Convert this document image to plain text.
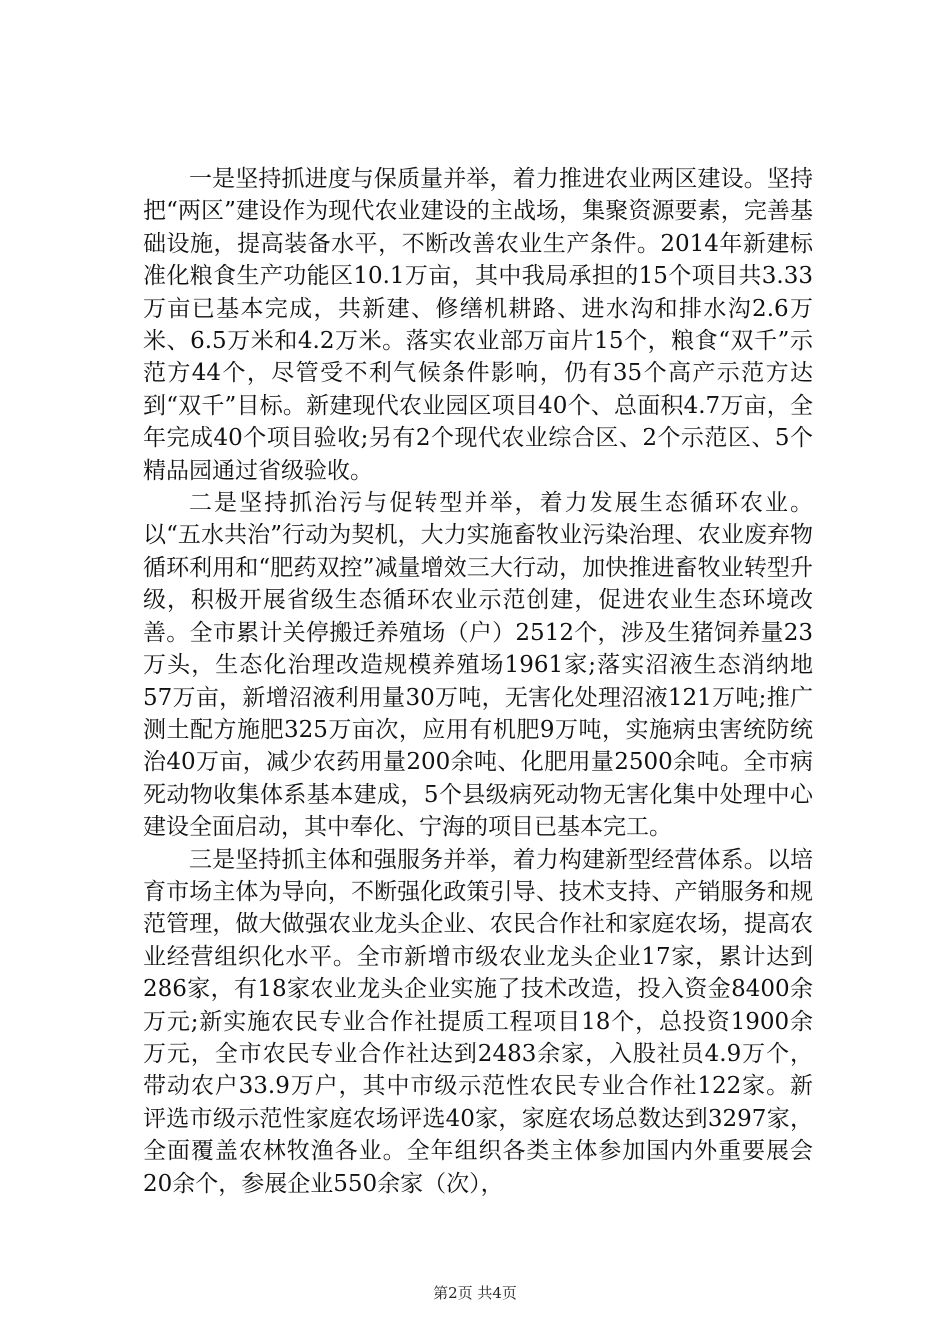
一是坚持抓进度与保质量并举，着力推进农业两区建设。坚持把“两区”建设作为现代农业建设的主战场，集聚资源要素，完善基础设施，提高装备水平，不断改善农业生产条件。2014年新建标准化粮食生产功能区10.1万亩，其中我局承担的15个项目共3.33万亩已基本完成，共新建、修缮机耕路、进水沟和排水沟2.6万米、6.5万米和4.2万米。落实农业部万亩片15个，粮食“双千”示范方44个，尽管受不利气候条件影响，仍有35个高产示范方达到“双千”目标。新建现代农业园区项目40个、总面积4.7万亩，全年完成40个项目验收;另有2个现代农业综合区、2个示范区、5个精品园通过省级验收。

二是坚持抓治污与促转型并举，着力发展生态循环农业。以“五水共治”行动为契机，大力实施畜牧业污染治理、农业废弃物循环利用和“肥药双控”减量增效三大行动，加快推进畜牧业转型升级，积极开展省级生态循环农业示范创建，促进农业生态环境改善。全市累计关停搬迁养殖场（户）2512个，涉及生猪饲养量23万头，生态化治理改造规模养殖场1961家;落实沼液生态消纳地57万亩，新增沼液利用量30万吨，无害化处理沼液121万吨;推广测土配方施肥325万亩次，应用有机肥9万吨，实施病虫害统防统治40万亩，减少农药用量200余吨、化肥用量2500余吨。全市病死动物收集体系基本建成，5个县级病死动物无害化集中处理中心建设全面启动，其中奉化、宁海的项目已基本完工。

三是坚持抓主体和强服务并举，着力构建新型经营体系。以培育市场主体为导向，不断强化政策引导、技术支持、产销服务和规范管理，做大做强农业龙头企业、农民合作社和家庭农场，提高农业经营组织化水平。全市新增市级农业龙头企业17家，累计达到286家，有18家农业龙头企业实施了技术改造，投入资金8400余万元;新实施农民专业合作社提质工程项目18个，总投资1900余万元，全市农民专业合作社达到2483余家，入股社员4.9万个，带动农户33.9万户，其中市级示范性农民专业合作社122家。新评选市级示范性家庭农场评选40家，家庭农场总数达到3297家，全面覆盖农林牧渔各业。全年组织各类主体参加国内外重要展会20余个，参展企业550余家（次），

第2页 共4页
